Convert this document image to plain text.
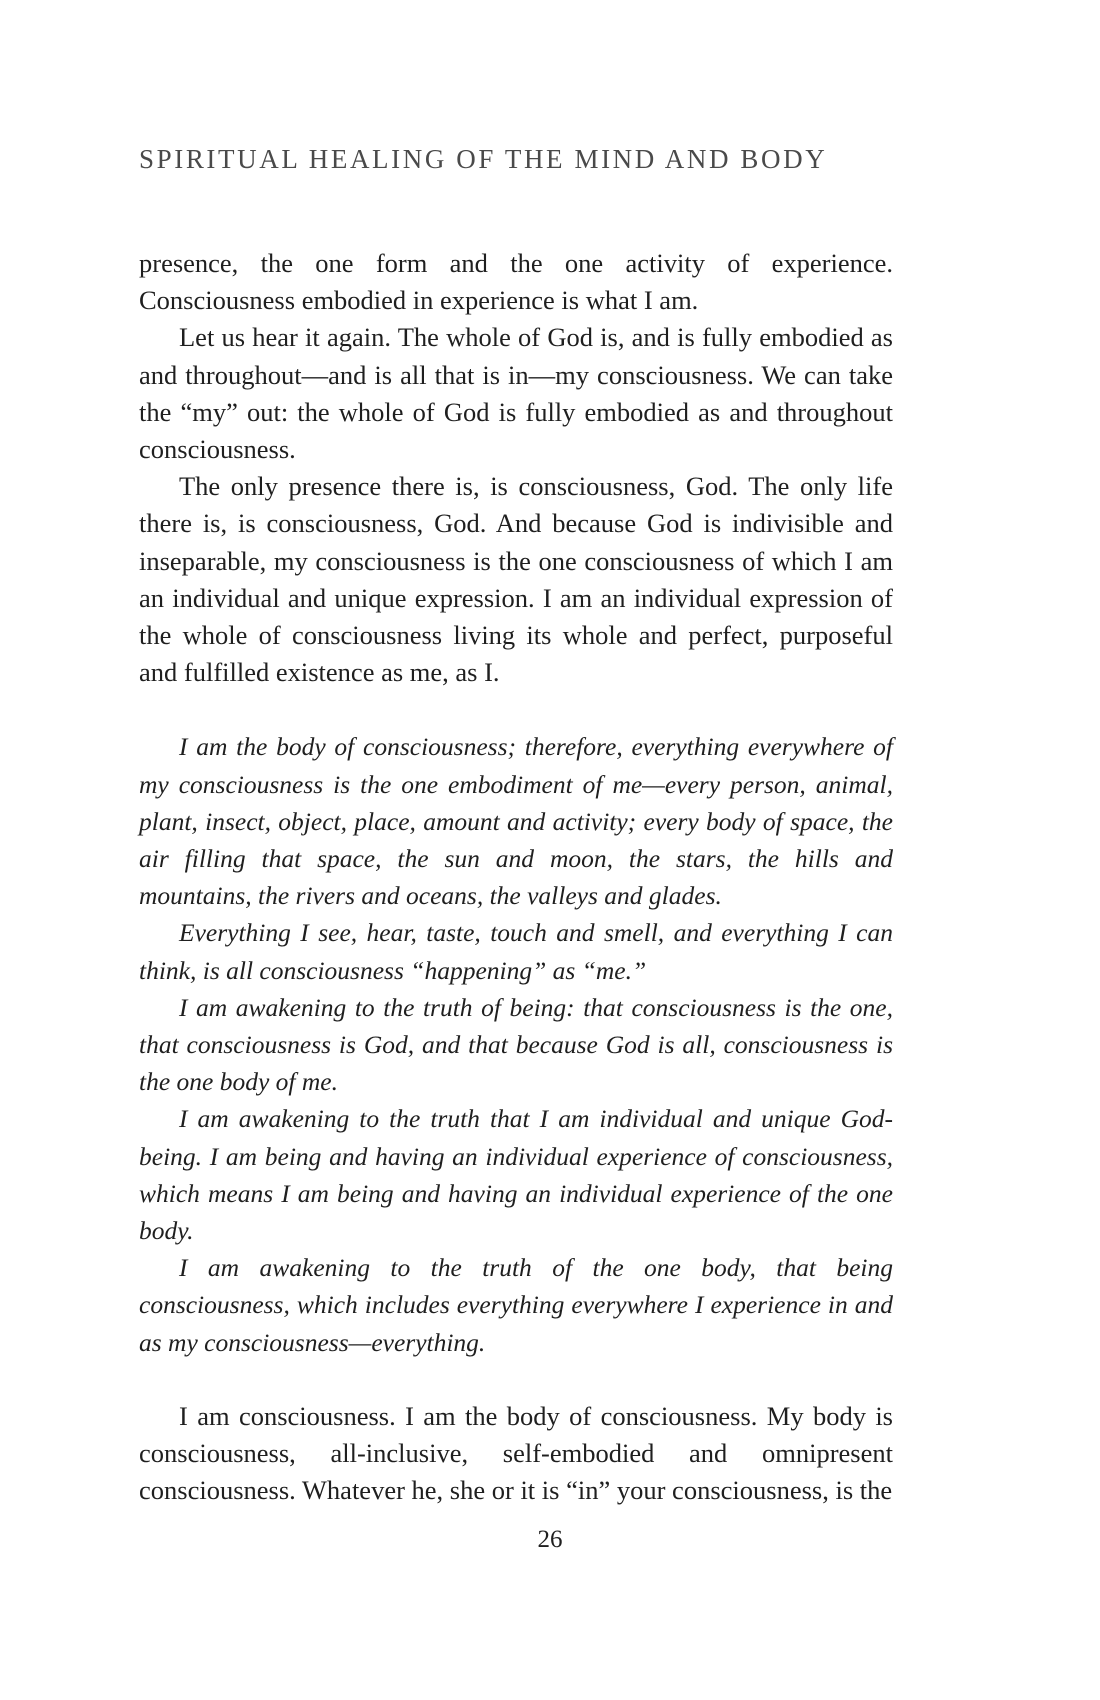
SPIRITUAL HEALING OF THE MIND AND BODY

presence, the one form and the one activity of experience. Consciousness embodied in experience is what I am.

Let us hear it again. The whole of God is, and is fully embodied as and throughout—and is all that is in—my consciousness. We can take the “my” out: the whole of God is fully embodied as and throughout consciousness.

The only presence there is, is consciousness, God. The only life there is, is consciousness, God. And because God is indivisible and inseparable, my consciousness is the one consciousness of which I am an individual and unique expression. I am an individual expression of the whole of consciousness living its whole and perfect, purposeful and fulfilled existence as me, as I.

I am the body of consciousness; therefore, everything everywhere of my consciousness is the one embodiment of me—every person, animal, plant, insect, object, place, amount and activity; every body of space, the air filling that space, the sun and moon, the stars, the hills and mountains, the rivers and oceans, the valleys and glades.

Everything I see, hear, taste, touch and smell, and everything I can think, is all consciousness “happening” as “me.”

I am awakening to the truth of being: that consciousness is the one, that consciousness is God, and that because God is all, consciousness is the one body of me.

I am awakening to the truth that I am individual and unique God-being. I am being and having an individual experience of consciousness, which means I am being and having an individual experience of the one body.

I am awakening to the truth of the one body, that being consciousness, which includes everything everywhere I experience in and as my consciousness—everything.

I am consciousness. I am the body of consciousness. My body is consciousness, all-inclusive, self-embodied and omnipresent consciousness. Whatever he, she or it is “in” your consciousness, is the

26
